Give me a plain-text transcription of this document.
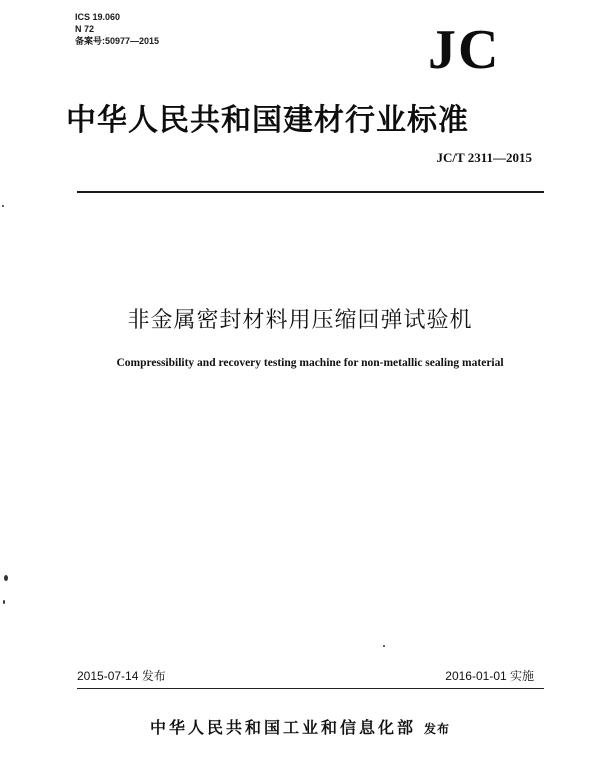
ICS 19.060
N 72
备案号:50977—2015	JC
中华人民共和国建材行业标准
JC/T 2311—2015
非金属密封材料用压缩回弹试验机
Compressibility and recovery testing machine for non-metallic sealing material
2015-07-14 发布	2016-01-01 实施
中华人民共和国工业和信息化部 发布
